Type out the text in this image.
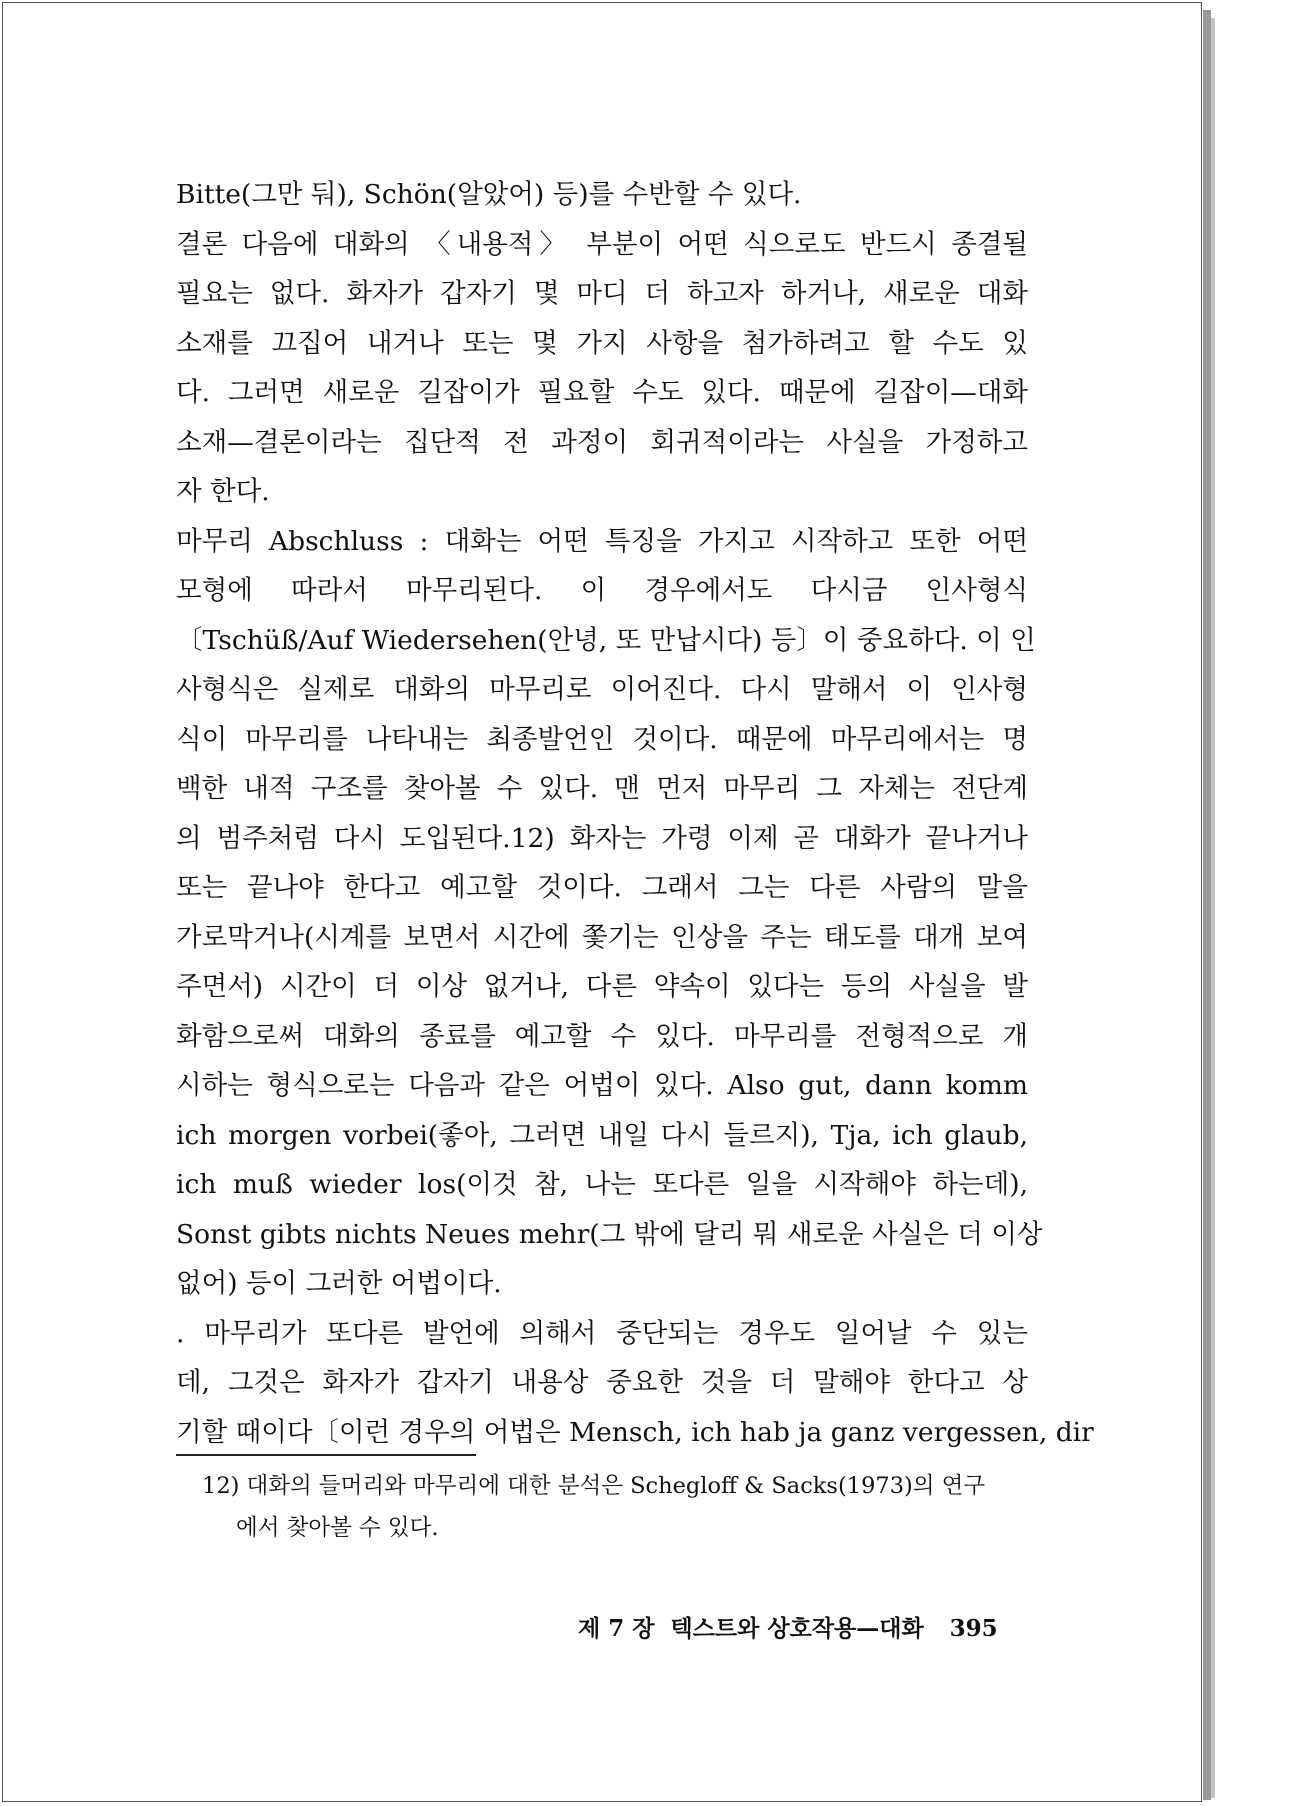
Bitte(그만 둬), Schön(알았어) 등)를 수반할 수 있다.
결론 다음에 대화의 〈내용적〉 부분이 어떤 식으로도 반드시 종결될
필요는 없다. 화자가 갑자기 몇 마디 더 하고자 하거나, 새로운 대화
소재를 끄집어 내거나 또는 몇 가지 사항을 첨가하려고 할 수도 있
다. 그러면 새로운 길잡이가 필요할 수도 있다. 때문에 길잡이—대화
소재—결론이라는 집단적 전 과정이 회귀적이라는 사실을 가정하고
자 한다.
마무리 Abschluss : 대화는 어떤 특징을 가지고 시작하고 또한 어떤
모형에 따라서 마무리된다. 이 경우에서도 다시금 인사형식
〔Tschüß/Auf Wiedersehen(안녕, 또 만납시다) 등〕이 중요하다. 이 인
사형식은 실제로 대화의 마무리로 이어진다. 다시 말해서 이 인사형
식이 마무리를 나타내는 최종발언인 것이다. 때문에 마무리에서는 명
백한 내적 구조를 찾아볼 수 있다. 맨 먼저 마무리 그 자체는 전단계
의 범주처럼 다시 도입된다.12) 화자는 가령 이제 곧 대화가 끝나거나
또는 끝나야 한다고 예고할 것이다. 그래서 그는 다른 사람의 말을
가로막거나(시계를 보면서 시간에 쫓기는 인상을 주는 태도를 대개 보여
주면서) 시간이 더 이상 없거나, 다른 약속이 있다는 등의 사실을 발
화함으로써 대화의 종료를 예고할 수 있다. 마무리를 전형적으로 개
시하는 형식으로는 다음과 같은 어법이 있다. Also gut, dann komm
ich morgen vorbei(좋아, 그러면 내일 다시 들르지), Tja, ich glaub,
ich muß wieder los(이것 참, 나는 또다른 일을 시작해야 하는데),
Sonst gibts nichts Neues mehr(그 밖에 달리 뭐 새로운 사실은 더 이상
없어) 등이 그러한 어법이다.
. 마무리가 또다른 발언에 의해서 중단되는 경우도 일어날 수 있는
데, 그것은 화자가 갑자기 내용상 중요한 것을 더 말해야 한다고 상
기할 때이다〔이런 경우의 어법은 Mensch, ich hab ja ganz vergessen, dir
12) 대화의 들머리와 마무리에 대한 분석은 Schegloff & Sacks(1973)의 연구
에서 찾아볼 수 있다.
제 7 장  텍스트와 상호작용—대화 395
